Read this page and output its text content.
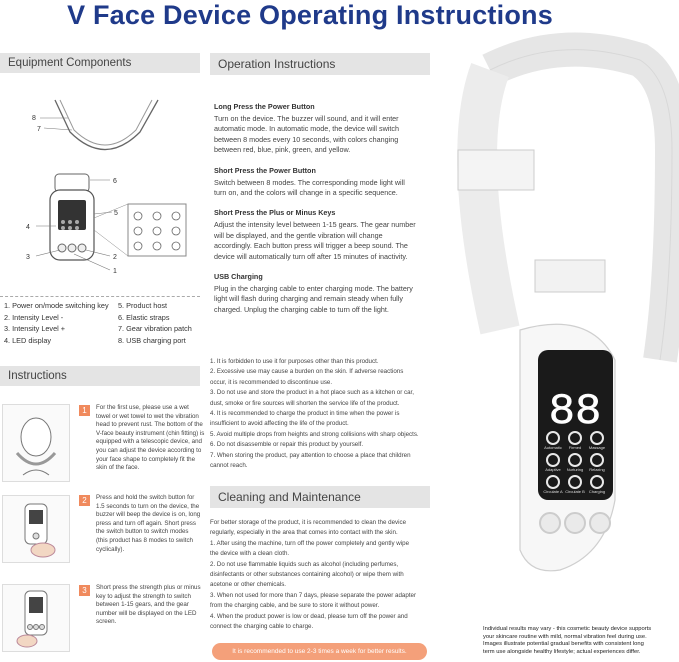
V Face Device Operating Instructions
Equipment Components
8
7
6
5
4
3	2
1
1. Power on/mode switching key
2. Intensity Level -
3. Intensity Level +
4. LED display
5. Product host
6. Elastic straps
7. Gear vibration patch
8. USB charging port
Instructions
1	For the first use, please use a wet
towel or wet towel to wet the vibration
head to prevent rust. The bottom of the
V-face beauty instrument (chin fitting) is
equipped with a telescopic device, and
you can adjust the device according to
your face shape to completely fit the
skin of the face.
2	Press and hold the switch button for
1.5 seconds to turn on the device, the
buzzer will beep the device is on, long
press and turn off again. Short press
the switch button to switch modes
(this product has 8 modes to switch
cyclically).
3	Short press the strength plus or minus
key to adjust the strength to switch
between 1-15 gears, and the gear
number will be displayed on the LED
screen.
Operation Instructions
Long Press the Power Button
Turn on the device. The buzzer will sound, and it will enter
automatic mode. In automatic mode, the device will switch
between 8 modes every 10 seconds, with colors changing
between red, blue, pink, green, and yellow.
Short Press the Power Button
Switch between 8 modes. The corresponding mode light will
turn on, and the colors will change in a specific sequence.
Short Press the Plus or Minus Keys
Adjust the intensity level between 1-15 gears. The gear number
will be displayed, and the gentle vibration will change
accordingly. Each button press will trigger a beep sound. The
device will automatically turn off after 15 minutes of inactivity.
USB Charging
Plug in the charging cable to enter charging mode. The battery
light will flash during charging and remain steady when fully
charged. Unplug the charging cable to turn off the light.
1. It is forbidden to use it for purposes other than this product.
2. Excessive use may cause a burden on the skin. If adverse reactions
occur, it is recommended to discontinue use.
3. Do not use and store the product in a hot place such as a kitchen or car,
dust, smoke or fire sources will shorten the service life of the product.
4. It is recommended to charge the product in time when the power is
insufficient to avoid affecting the life of the product.
5. Avoid multiple drops from heights and strong collisions with sharp objects.
6. Do not disassemble or repair this product by yourself.
7. When storing the product, pay attention to choose a place that children
cannot reach.
Cleaning and Maintenance
For better storage of the product, it is recommended to clean the device
regularly, especially in the area that comes into contact with the skin.
1. After using the machine, turn off the power completely and gently wipe
the device with a clean cloth.
2. Do not use flammable liquids such as alcohol (including perfumes,
disinfectants or other substances containing alcohol) or wipe them with
acetone or other chemicals.
3. When not used for more than 7 days, please separate the power adapter
from the charging cable, and be sure to store it without power.
4. When the product power is low or dead, please turn off the power and
connect the charging cable to charge.
It is recommended to use 2-3 times a week for better results.
88
Automatic Firmed Massage
Adaptive Nurturing Relaxing
Circulate A Circulate B Charging
Individual results may vary - this cosmetic beauty device supports
your skincare routine with mild, normal vibration feel during use.
Images illustrate potential gradual benefits with consistent long
term use alongside healthy lifestyle; actual experiences differ.
